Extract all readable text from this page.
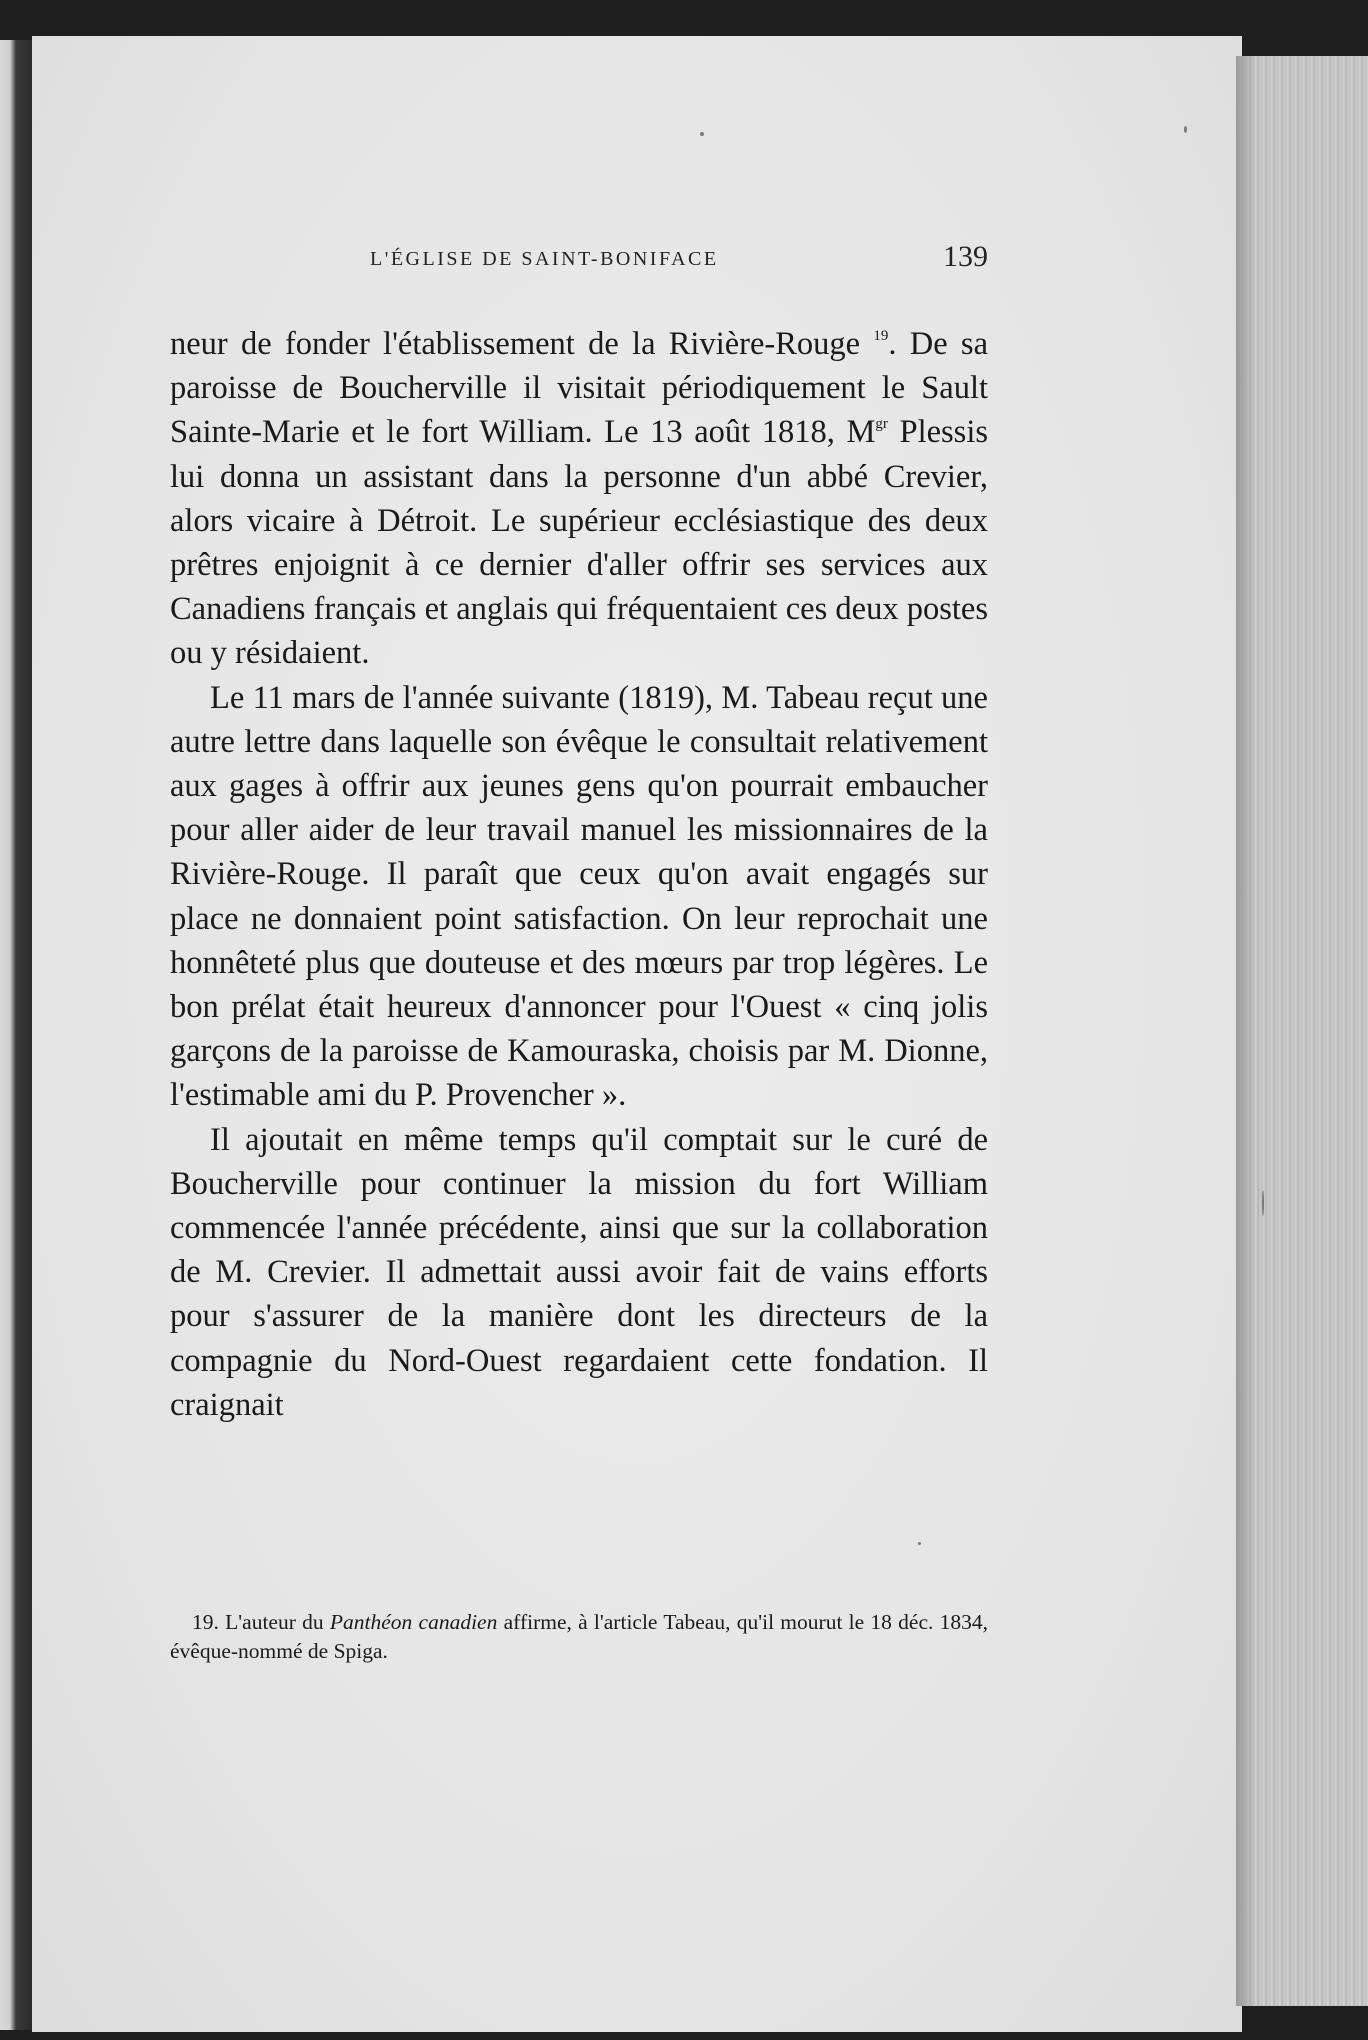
L'ÉGLISE DE SAINT-BONIFACE	139

neur de fonder l'établissement de la Rivière-Rouge $^{19}$. De sa paroisse de Boucherville il visitait périodiquement le Sault Sainte-Marie et le fort William. Le 13 août 1818, $M^{gr}$ Plessis lui donna un assistant dans la personne d'un abbé Crevier, alors vicaire à Détroit. Le supérieur ecclésiastique des deux prêtres enjoignit à ce dernier d'aller offrir ses services aux Canadiens français et anglais qui fréquentaient ces deux postes ou y résidaient.

Le 11 mars de l'année suivante (1819), M. Tabeau reçut une autre lettre dans laquelle son évêque le consultait relativement aux gages à offrir aux jeunes gens qu'on pourrait embaucher pour aller aider de leur travail manuel les missionnaires de la Rivière-Rouge. Il paraît que ceux qu'on avait engagés sur place ne donnaient point satisfaction. On leur reprochait une honnêteté plus que douteuse et des mœurs par trop légères. Le bon prélat était heureux d'annoncer pour l'Ouest « cinq jolis garçons de la paroisse de Kamouraska, choisis par M. Dionne, l'estimable ami du P. Provencher ».

Il ajoutait en même temps qu'il comptait sur le curé de Boucherville pour continuer la mission du fort William commencée l'année précédente, ainsi que sur la collaboration de M. Crevier. Il admettait aussi avoir fait de vains efforts pour s'assurer de la manière dont les directeurs de la compagnie du Nord-Ouest regardaient cette fondation. Il craignait

19. L'auteur du Panthéon canadien affirme, à l'article Tabeau, qu'il mourut le 18 déc. 1834, évêque-nommé de Spiga.
